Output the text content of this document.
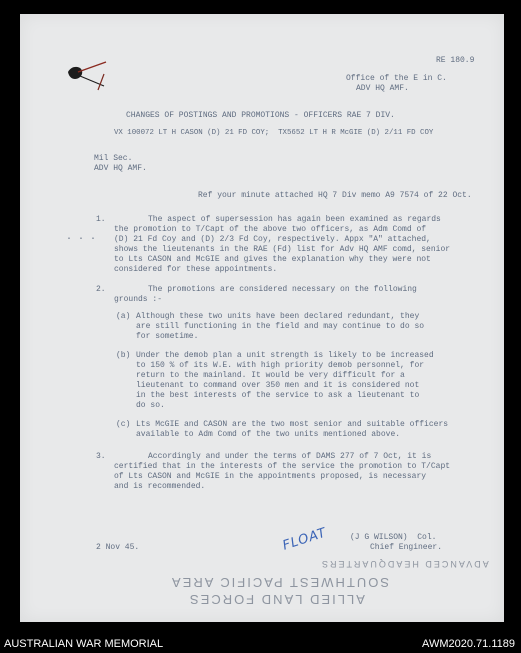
RE 180.9
Office of the E in C.
ADV HQ AMF.
CHANGES OF POSTINGS AND PROMOTIONS - OFFICERS RAE 7 DIV.
VX 100072 LT H CASON (D) 21 FD COY;  TX5652 LT H R McGIE (D) 2/11 FD COY
Mil Sec.
ADV HQ AMF.
Ref your minute attached HQ 7 Div memo A9 7574 of 22 Oct.
1.	The aspect of supersession has again been examined as regards
the promotion to T/Capt of the above two officers, as Adm Comd of
(D) 21 Fd Coy and (D) 2/3 Fd Coy, respectively. Appx "A" attached,
shows the lieutenants in the RAE (Fd) list for Adv HQ AMF comd, senior
to Lts CASON and McGIE and gives the explanation why they were not
considered for these appointments.
. . .
2.	The promotions are considered necessary on the following
grounds :-
(a) Although these two units have been declared redundant, they
are still functioning in the field and may continue to do so
for sometime.
(b) Under the demob plan a unit strength is likely to be increased
to 150 % of its W.E. with high priority demob personnel, for
return to the mainland. It would be very difficult for a
lieutenant to command over 350 men and it is considered not
in the best interests of the service to ask a lieutenant to
do so.
(c) Lts McGIE and CASON are the two most senior and suitable officers
available to Adm Comd of the two units mentioned above.
3.	Accordingly and under the terms of DAMS 277 of 7 Oct, it is
certified that in the interests of the service the promotion to T/Capt
of Lts CASON and McGIE in the appointments proposed, is necessary
and is recommended.
(J G WILSON)  Col.
Chief Engineer.
2 Nov 45.	FLOAT
ADVANCED HEADQUARTERS
SOUTHWEST PACIFIC AREA
ALLIED LAND FORCES
AUSTRALIAN WAR MEMORIAL	AWM2020.71.1189
